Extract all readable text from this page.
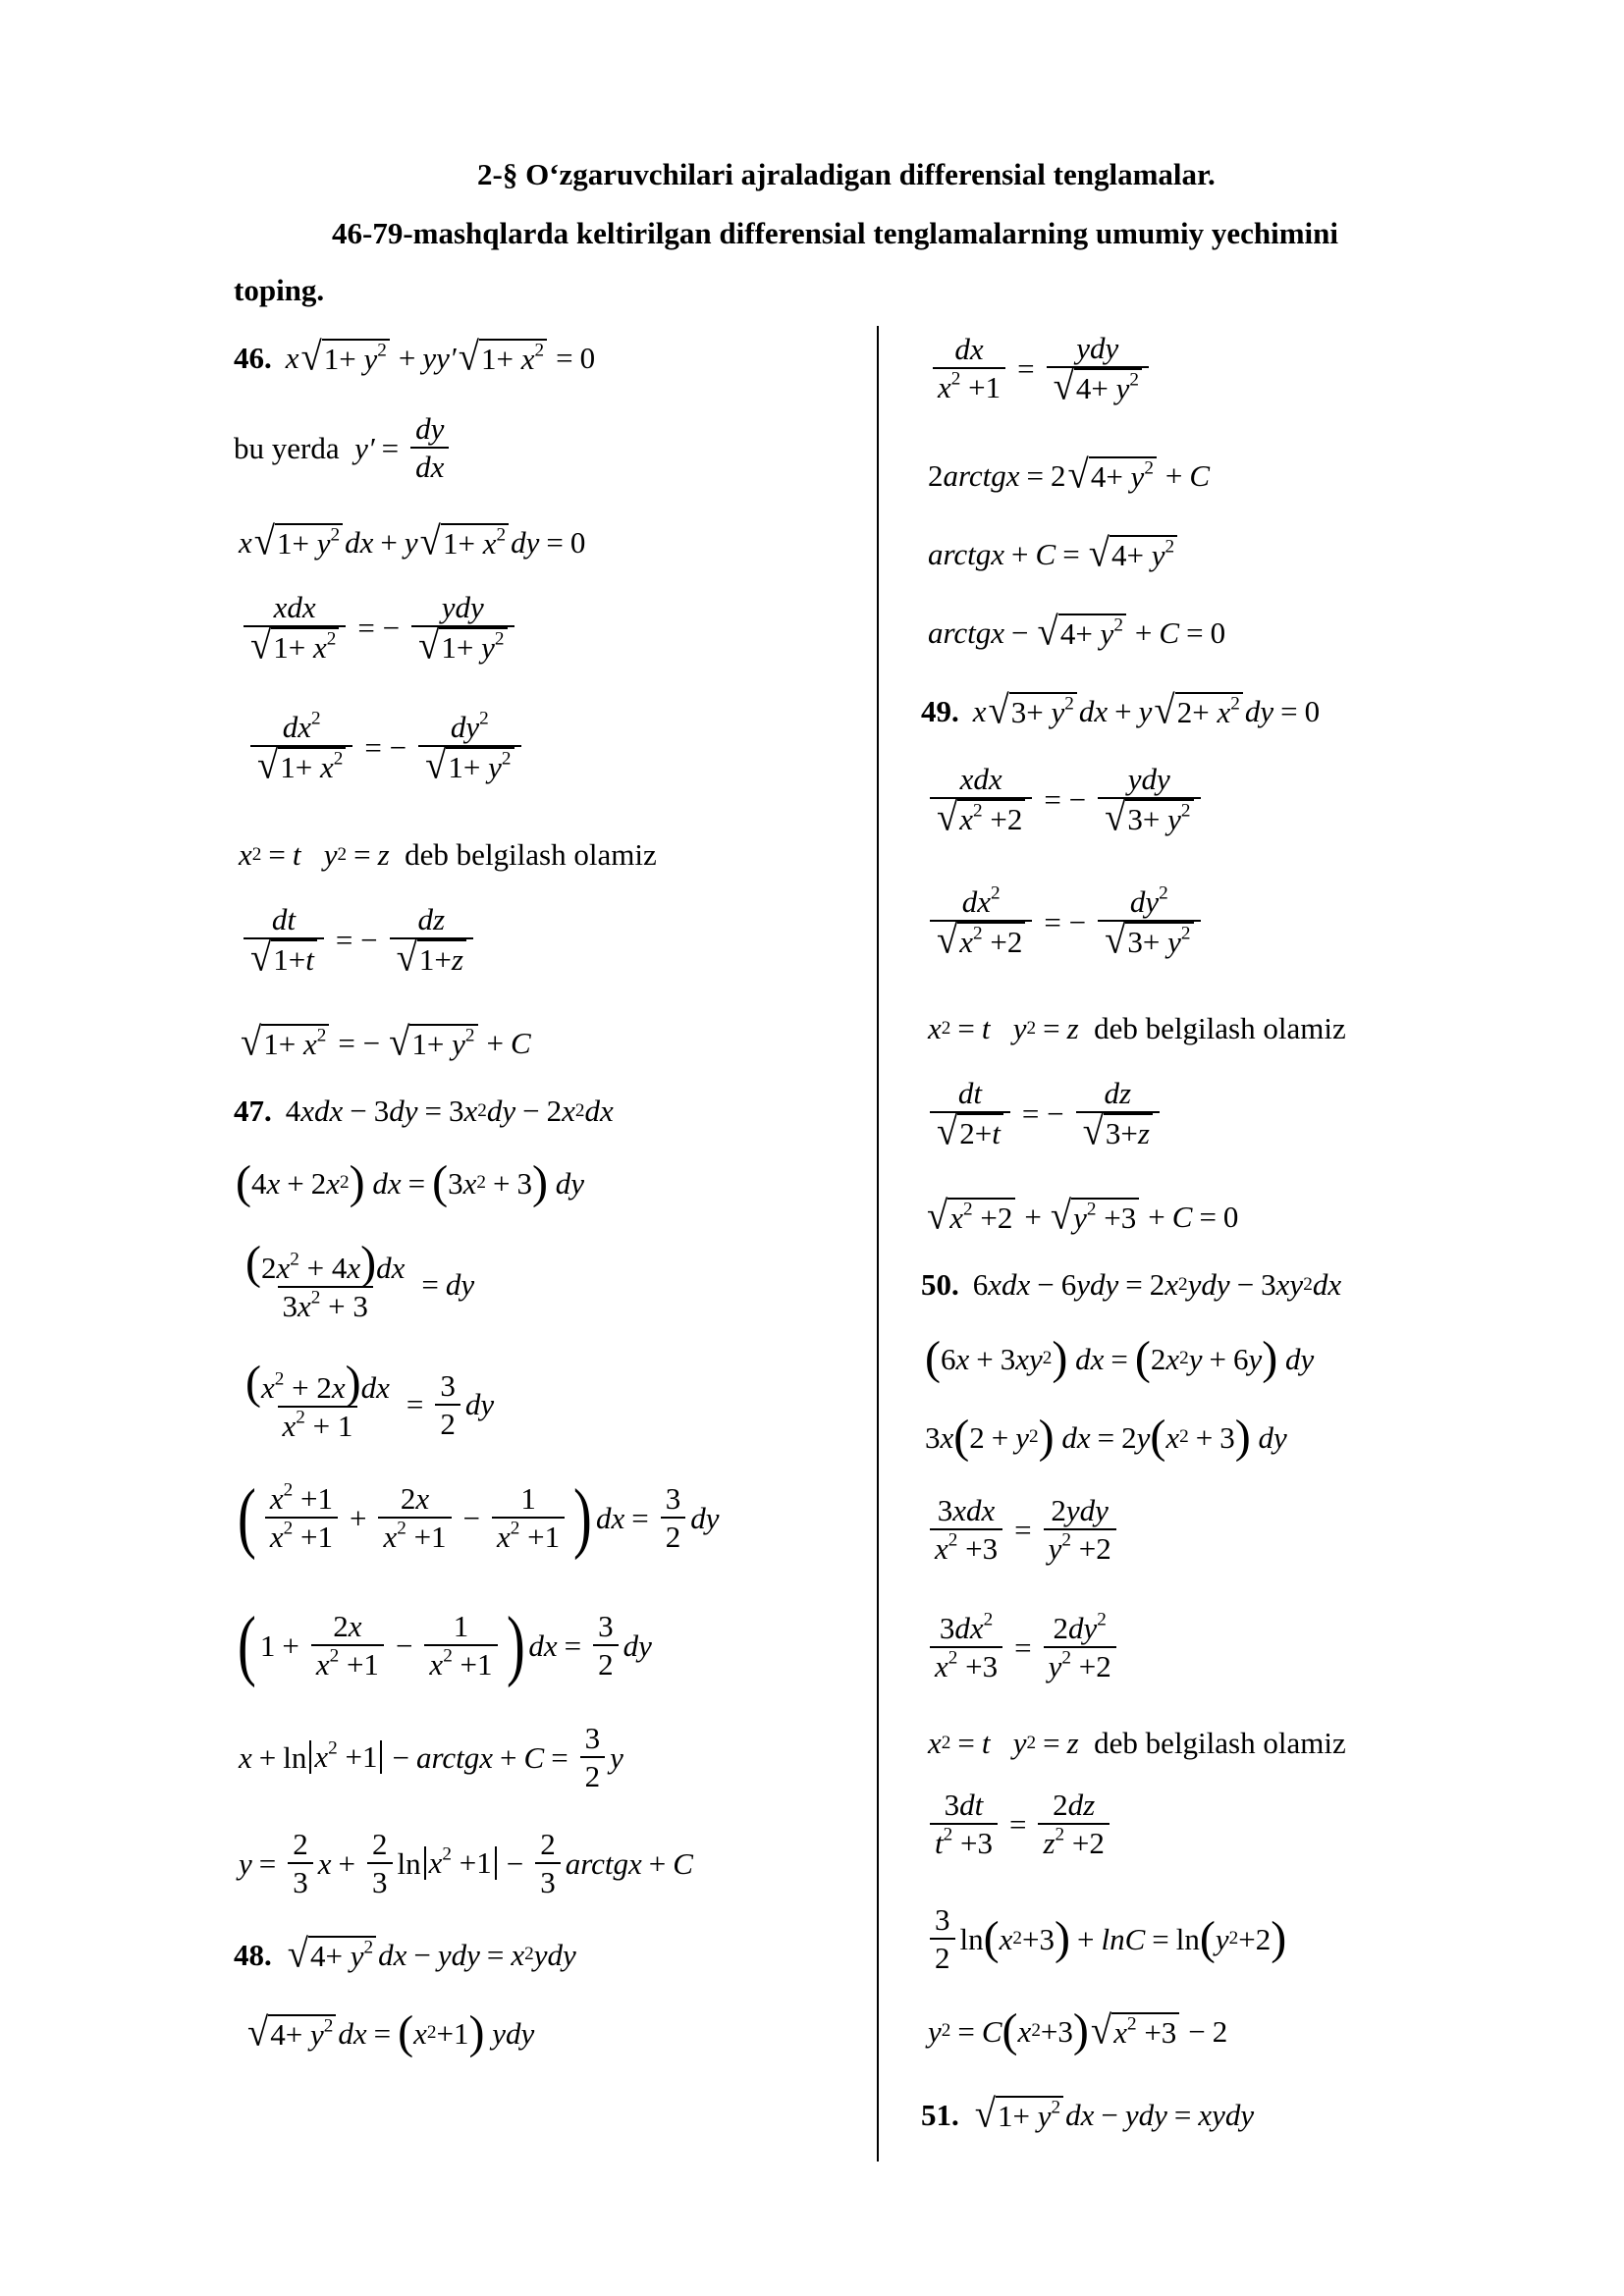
2-§ O‘zgaruvchilari ajraladigan differensial tenglamalar.
46-79-mashqlarda keltirilgan differensial tenglamalarning umumiy yechimini
toping.
46. x √ $1+ y^2 + yy'$ √ $1+ x^2 = 0$
bu yerda
$y' = \frac{dy}{dx}$
x √ $1+ y^2$ dx + y √ $1+ x^2$ dy = 0
$\frac{\text{xdx}}{√ 1+ x^2}$ = − $\frac{\text{ydy}}{√ 1+ y^2}$
$\frac{dx^2}{√ 1+ x^2}$ = − $\frac{dy^2}{√ 1+ y^2}$
x 2 = t
y 2 = z
deb belgilash olamiz
$\frac{dt}{√ 1+t}$ = − $\frac{dz}{√ 1+z}$
√ $1+ x^2$ = − √ $1+ y^2 + C$
47. 4 xdx − 3 dy = 3 x 2 dy − 2 x 2 dx
( 4 x + 2 x 2 )
dx = ( 3 x 2 + 3 )
dy
$\frac{(2x^2 + 4x)dx}{3x^2 + 3}$ = dy
$\frac{(x^2 + 2x)dx}{x^2 + 1} = \frac{3}{2}$ dy
( $\frac{x^2 +1}{x^2 +1} + \frac{2x}{x^2 +1} - \frac{1}{x^2 +1}$ ) dx = $\frac{3}{2}$ dy
( $1 + \frac{2x}{x^2 +1} - \frac{1}{x^2 +1}$ ) dx = $\frac{3}{2}$ dy
$x + \ln x^2 +1$ − arctgx + $C = \frac{3}{2}$ y
$y = \frac{2}{3}$ $x + \frac{2}{3}$ $\ln x^2 +1 - \frac{2}{3}$ arctgx + C
48. √ $4+ y^2$ dx − ydy = x 2 ydy
√ $4+ y^2$ dx = ( x 2 +1 )
ydy
$\frac{dx}{x^2 +1} = \frac{\text{ydy}}{√ 4+ y^2}$
2 arctgx = 2 √ $4+ y^2 + C$
arctgx + C = √ $4+ y^2$
arctgx − √ $4+ y^2 + C = 0$
49. x √ $3+ y^2$ dx + y √ $2+ x^2$ dy = 0
$\frac{\text{xdx}}{√ x^2 +2}$ = − $\frac{\text{ydy}}{√ 3+ y^2}$
$\frac{dx^2}{√ x^2 +2}$ = − $\frac{dy^2}{√ 3+ y^2}$
x 2 = t
y 2 = z
deb belgilash olamiz
$\frac{dt}{√ 2+t}$ = − $\frac{dz}{√ 3+z}$
√ $x^2 +2$ + √ $y^2 +3 + C = 0$
50. 6 xdx − 6 ydy = 2 x 2 ydy − 3 xy 2 dx
( 6 x + 3 xy 2 )
dx = ( 2 x 2 y + 6 y )
dy
3 x ( 2 + y 2 )
dx = 2 y ( x 2 + 3 )
dy
$\frac{\text{3xdx}}{x^2 +3} = \frac{\text{2ydy}}{y^2 +2}$
$\frac{3dx^2}{x^2 +3} = \frac{2dy^2}{y^2 +2}$
x 2 = t
y 2 = z
deb belgilash olamiz
$\frac{3dt}{t^2 +3} = \frac{2dz}{z^2 +2}$
$\frac{3}{2}$ ln ( x 2 +3 ) + lnC = ln ( y 2 +2 )
y 2 = C ( x 2 +3 ) √ $x^2 +3 - 2$
51. √ $1+ y^2$ dx − ydy = xydy
